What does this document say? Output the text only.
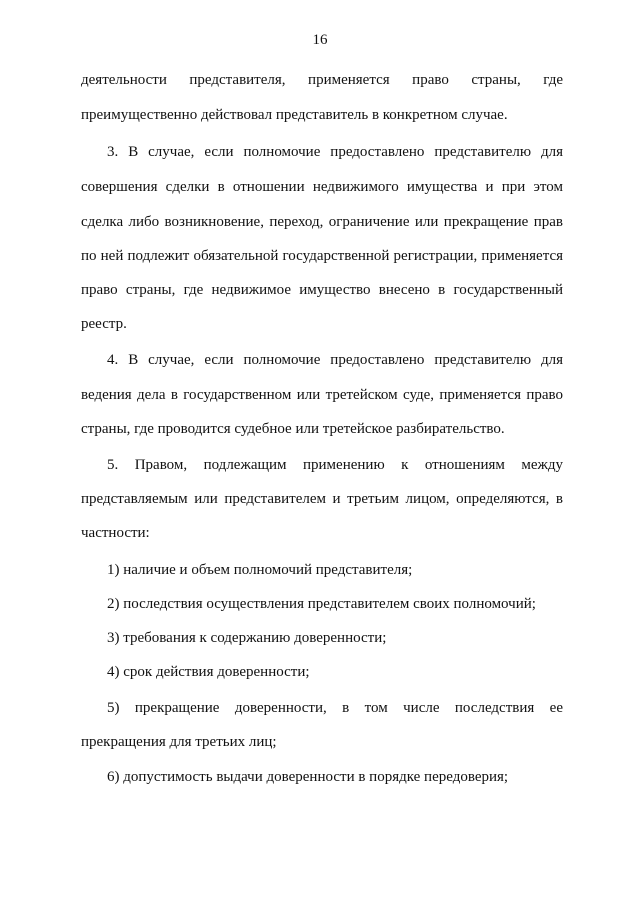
16
деятельности представителя, применяется право страны, где
преимущественно действовал представитель в конкретном случае.
3. В случае, если полномочие предоставлено представителю для
совершения сделки в отношении недвижимого имущества и при этом
сделка либо возникновение, переход, ограничение или прекращение прав
по ней подлежит обязательной государственной регистрации, применяется
право страны, где недвижимое имущество внесено в государственный
реестр.
4. В случае, если полномочие предоставлено представителю для
ведения дела в государственном или третейском суде, применяется право
страны, где проводится судебное или третейское разбирательство.
5. Правом, подлежащим применению к отношениям между
представляемым или представителем и третьим лицом, определяются, в
частности:
1) наличие и объем полномочий представителя;
2) последствия осуществления представителем своих полномочий;
3) требования к содержанию доверенности;
4) срок действия доверенности;
5) прекращение доверенности, в том числе последствия ее
прекращения для третьих лиц;
6) допустимость выдачи доверенности в порядке передоверия;
